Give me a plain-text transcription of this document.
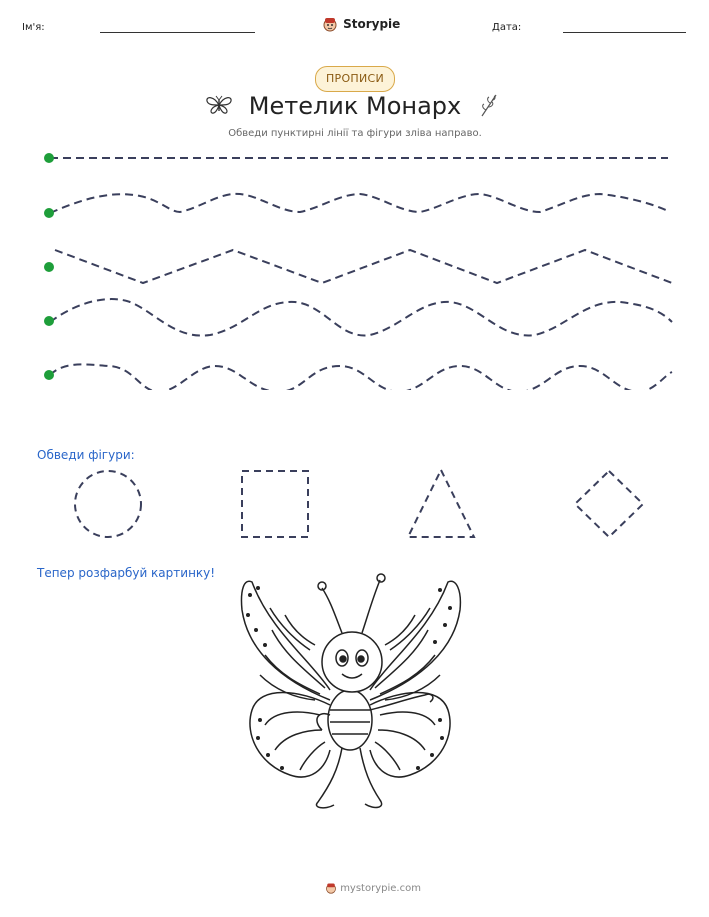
Ім'я:	Storypie	Дата:
ПРОПИСИ
Метелик Монарх
Обведи пунктирні лінії та фігури зліва направо.
Обведи фігури:
Тепер розфарбуй картинку!
mystorypie.com
